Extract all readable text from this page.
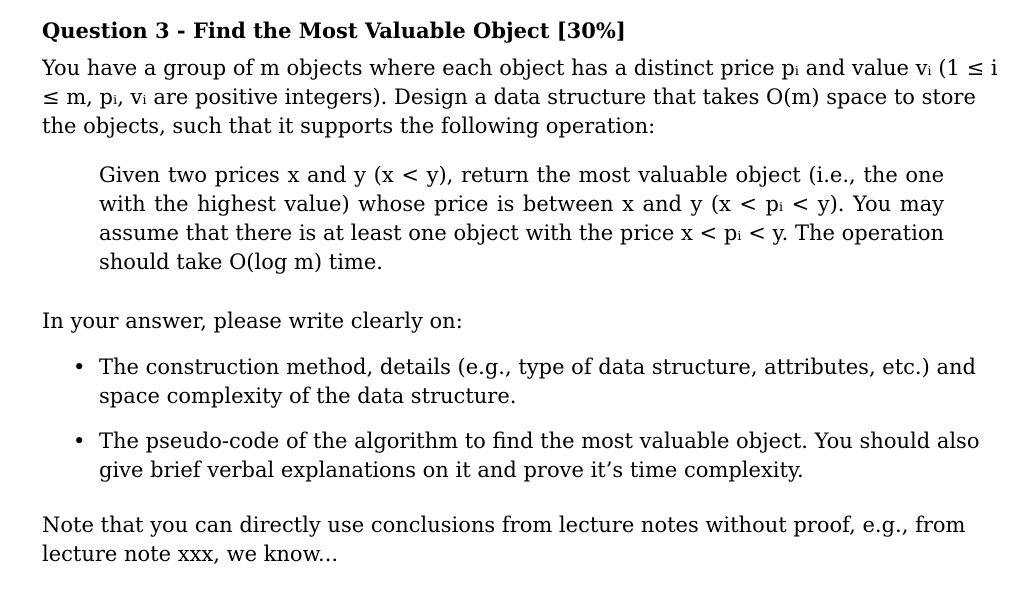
Question 3 - Find the Most Valuable Object [30%]

You have a group of m objects where each object has a distinct price pᵢ and value vᵢ (1 ≤ i ≤ m, pᵢ, vᵢ are positive integers). Design a data structure that takes O(m) space to store the objects, such that it supports the following operation:

Given two prices x and y (x < y), return the most valuable object (i.e., the one with the highest value) whose price is between x and y (x < pᵢ < y). You may assume that there is at least one object with the price x < pᵢ < y. The operation should take O(log m) time.

In your answer, please write clearly on:

• The construction method, details (e.g., type of data structure, attributes, etc.) and space complexity of the data structure.
• The pseudo-code of the algorithm to find the most valuable object. You should also give brief verbal explanations on it and prove it’s time complexity.

Note that you can directly use conclusions from lecture notes without proof, e.g., from lecture note xxx, we know...
